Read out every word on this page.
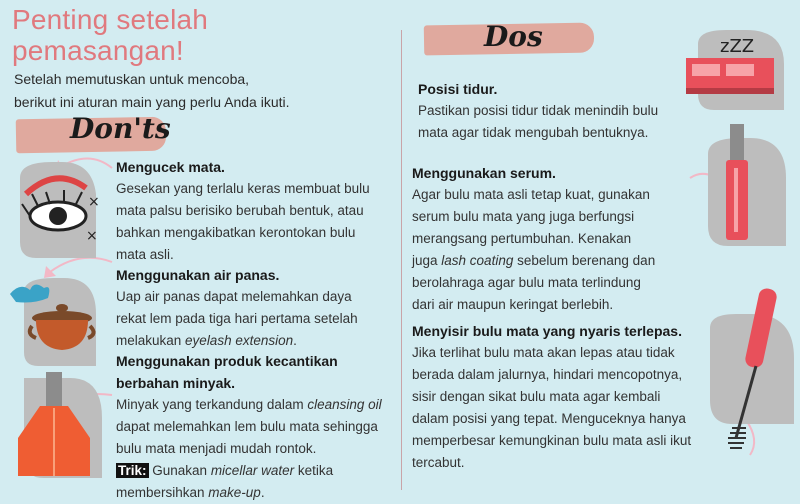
Penting setelah
pemasangan!
Setelah memutuskan untuk mencoba,
berikut ini aturan main yang perlu Anda ikuti.
Don'ts
Dos
Mengucek mata.
Gesekan yang terlalu keras membuat bulu
mata palsu berisiko berubah bentuk, atau
bahkan mengakibatkan kerontokan bulu
mata asli.
Menggunakan air panas.
Uap air panas dapat melemahkan daya
rekat lem pada tiga hari pertama setelah
melakukan eyelash extension.
Menggunakan produk kecantikan
berbahan minyak.
Minyak yang terkandung dalam cleansing oil
dapat melemahkan lem bulu mata sehingga
bulu mata menjadi mudah rontok.
Trik: Gunakan micellar water ketika
membersihkan make-up.
Posisi tidur.
Pastikan posisi tidur tidak menindih bulu
mata agar tidak mengubah bentuknya.
Menggunakan serum.
Agar bulu mata asli tetap kuat, gunakan
serum bulu mata yang juga berfungsi
merangsang pertumbuhan. Kenakan
juga lash coating sebelum berenang dan
berolahraga agar bulu mata terlindung
dari air maupun keringat berlebih.
Menyisir bulu mata yang nyaris terlepas.
Jika terlihat bulu mata akan lepas atau tidak
berada dalam jalurnya, hindari mencopotnya,
sisir dengan sikat bulu mata agar kembali
dalam posisi yang tepat. Menguceknya hanya
memperbesar kemungkinan bulu mata asli ikut
tercabut.
×
×
zZZ
